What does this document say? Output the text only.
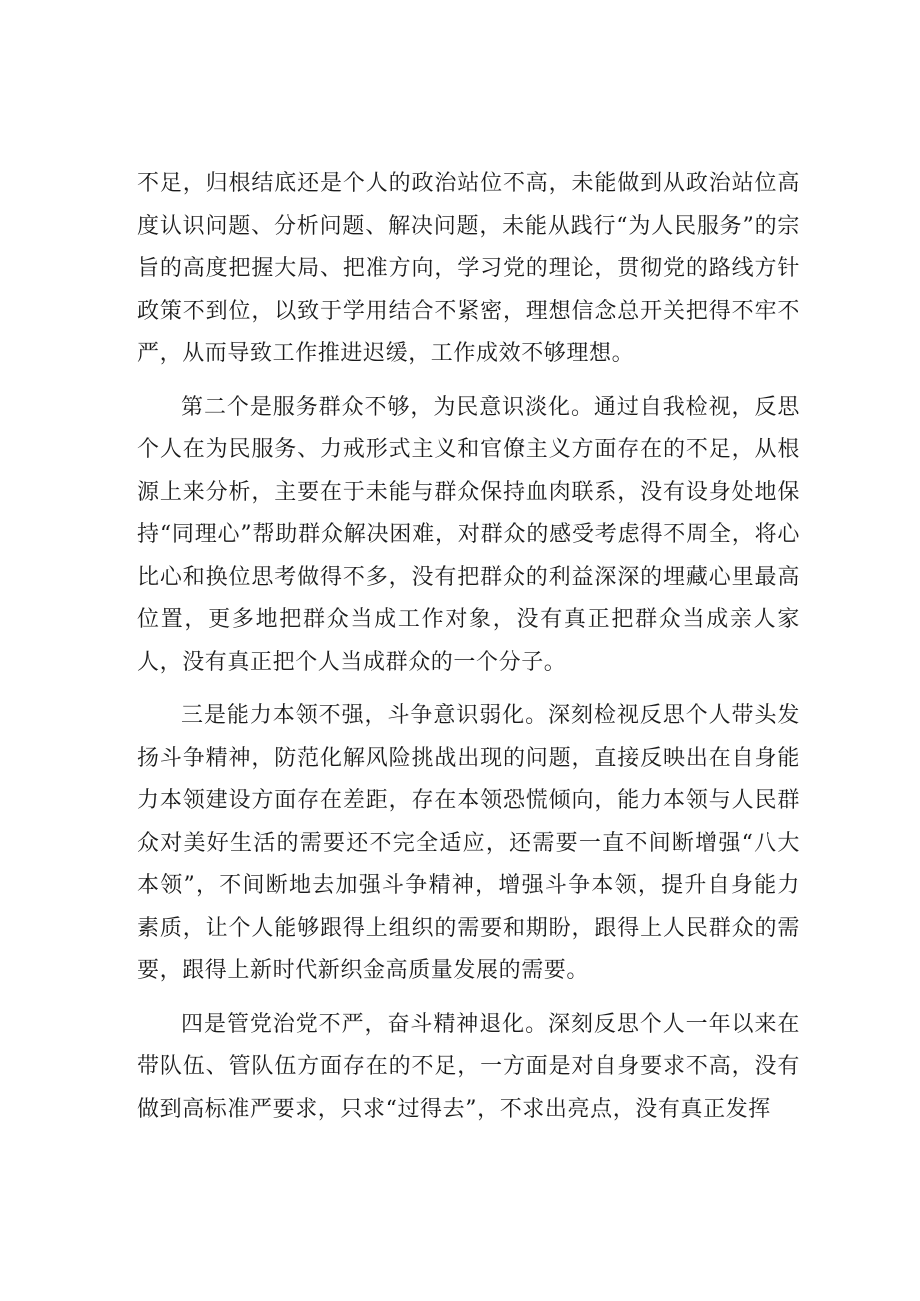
不足，归根结底还是个人的政治站位不高，未能做到从政治站位高度认识问题、分析问题、解决问题，未能从践行“为人民服务”的宗旨的高度把握大局、把准方向，学习党的理论，贯彻党的路线方针政策不到位，以致于学用结合不紧密，理想信念总开关把得不牢不严，从而导致工作推进迟缓，工作成效不够理想。

第二个是服务群众不够，为民意识淡化。通过自我检视，反思个人在为民服务、力戒形式主义和官僚主义方面存在的不足，从根源上来分析，主要在于未能与群众保持血肉联系，没有设身处地保持“同理心”帮助群众解决困难，对群众的感受考虑得不周全，将心比心和换位思考做得不多，没有把群众的利益深深的埋藏心里最高位置，更多地把群众当成工作对象，没有真正把群众当成亲人家人，没有真正把个人当成群众的一个分子。

三是能力本领不强，斗争意识弱化。深刻检视反思个人带头发扬斗争精神，防范化解风险挑战出现的问题，直接反映出在自身能力本领建设方面存在差距，存在本领恐慌倾向，能力本领与人民群众对美好生活的需要还不完全适应，还需要一直不间断增强“八大本领”，不间断地去加强斗争精神，增强斗争本领，提升自身能力素质，让个人能够跟得上组织的需要和期盼，跟得上人民群众的需要，跟得上新时代新织金高质量发展的需要。

四是管党治党不严，奋斗精神退化。深刻反思个人一年以来在带队伍、管队伍方面存在的不足，一方面是对自身要求不高，没有做到高标准严要求，只求“过得去”，不求出亮点，没有真正发挥
